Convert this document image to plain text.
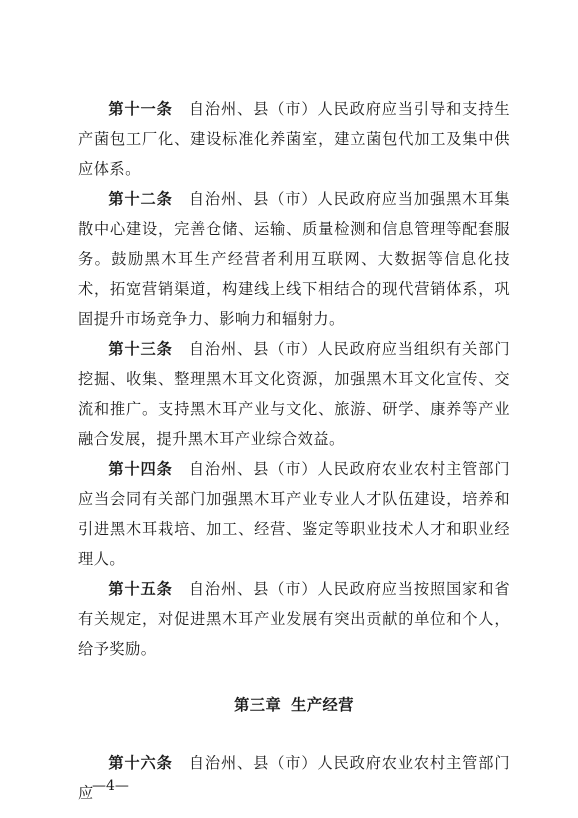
第十一条　 自治州、县（市）人民政府应当引导和支持生产菌包工厂化、建设标准化养菌室，建立菌包代加工及集中供应体系。

第十二条　 自治州、县（市）人民政府应当加强黑木耳集散中心建设，完善仓储、运输、质量检测和信息管理等配套服务。鼓励黑木耳生产经营者利用互联网、大数据等信息化技术，拓宽营销渠道，构建线上线下相结合的现代营销体系，巩固提升市场竞争力、影响力和辐射力。

第十三条　 自治州、县（市）人民政府应当组织有关部门挖掘、收集、整理黑木耳文化资源，加强黑木耳文化宣传、交流和推广。支持黑木耳产业与文化、旅游、研学、康养等产业融合发展，提升黑木耳产业综合效益。

第十四条　 自治州、县（市）人民政府农业农村主管部门应当会同有关部门加强黑木耳产业专业人才队伍建设，培养和引进黑木耳栽培、加工、经营、鉴定等职业技术人才和职业经理人。

第十五条　 自治州、县（市）人民政府应当按照国家和省有关规定，对促进黑木耳产业发展有突出贡献的单位和个人，给予奖励。

第三章 生产经营

第十六条　 自治州、县（市）人民政府农业农村主管部门应

—4—
